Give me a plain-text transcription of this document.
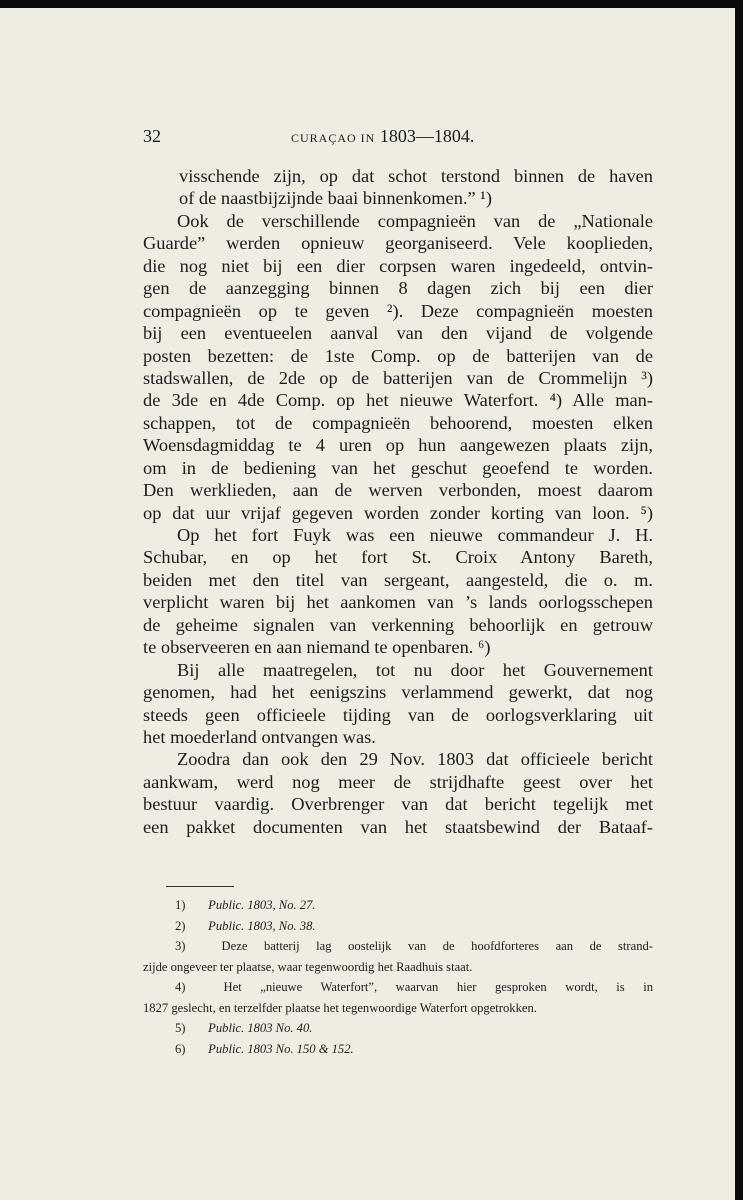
32	CURAÇAO IN 1803—1804.
visschende zijn, op dat schot terstond binnen de haven
of de naastbijzijnde baai binnenkomen.” ¹)
Ook de verschillende compagnieën van de „Nationale
Guarde” werden opnieuw georganiseerd. Vele kooplieden,
die nog niet bij een dier corpsen waren ingedeeld, ontvin-
gen de aanzegging binnen 8 dagen zich bij een dier
compagnieën op te geven ²). Deze compagnieën moesten
bij een eventueelen aanval van den vijand de volgende
posten bezetten: de 1ste Comp. op de batterijen van de
stadswallen, de 2de op de batterijen van de Crommelijn ³)
de 3de en 4de Comp. op het nieuwe Waterfort. ⁴) Alle man-
schappen, tot de compagnieën behoorend, moesten elken
Woensdagmiddag te 4 uren op hun aangewezen plaats zijn,
om in de bediening van het geschut geoefend te worden.
Den werklieden, aan de werven verbonden, moest daarom
op dat uur vrijaf gegeven worden zonder korting van loon. ⁵)
Op het fort Fuyk was een nieuwe commandeur J. H.
Schubar, en op het fort St. Croix Antony Bareth,
beiden met den titel van sergeant, aangesteld, die o. m.
verplicht waren bij het aankomen van ’s lands oorlogsschepen
de geheime signalen van verkenning behoorlijk en getrouw
te observeeren en aan niemand te openbaren. ⁶)
Bij alle maatregelen, tot nu door het Gouvernement
genomen, had het eenigszins verlammend gewerkt, dat nog
steeds geen officieele tijding van de oorlogsverklaring uit
het moederland ontvangen was.
Zoodra dan ook den 29 Nov. 1803 dat officieele bericht
aankwam, werd nog meer de strijdhafte geest over het
bestuur vaardig. Overbrenger van dat bericht tegelijk met
een pakket documenten van het staatsbewind der Bataaf-
1) Public. 1803, No. 27.
2) Public. 1803, No. 38.
3)	Deze batterij lag oostelijk van de hoofdforteres aan de strand-
zijde ongeveer ter plaatse, waar tegenwoordig het Raadhuis staat.
4)	Het „nieuwe Waterfort”, waarvan hier gesproken wordt, is in
1827 geslecht, en terzelfder plaatse het tegenwoordige Waterfort opgetrokken.
5) Public. 1803 No. 40.
6) Public. 1803 No. 150 & 152.
